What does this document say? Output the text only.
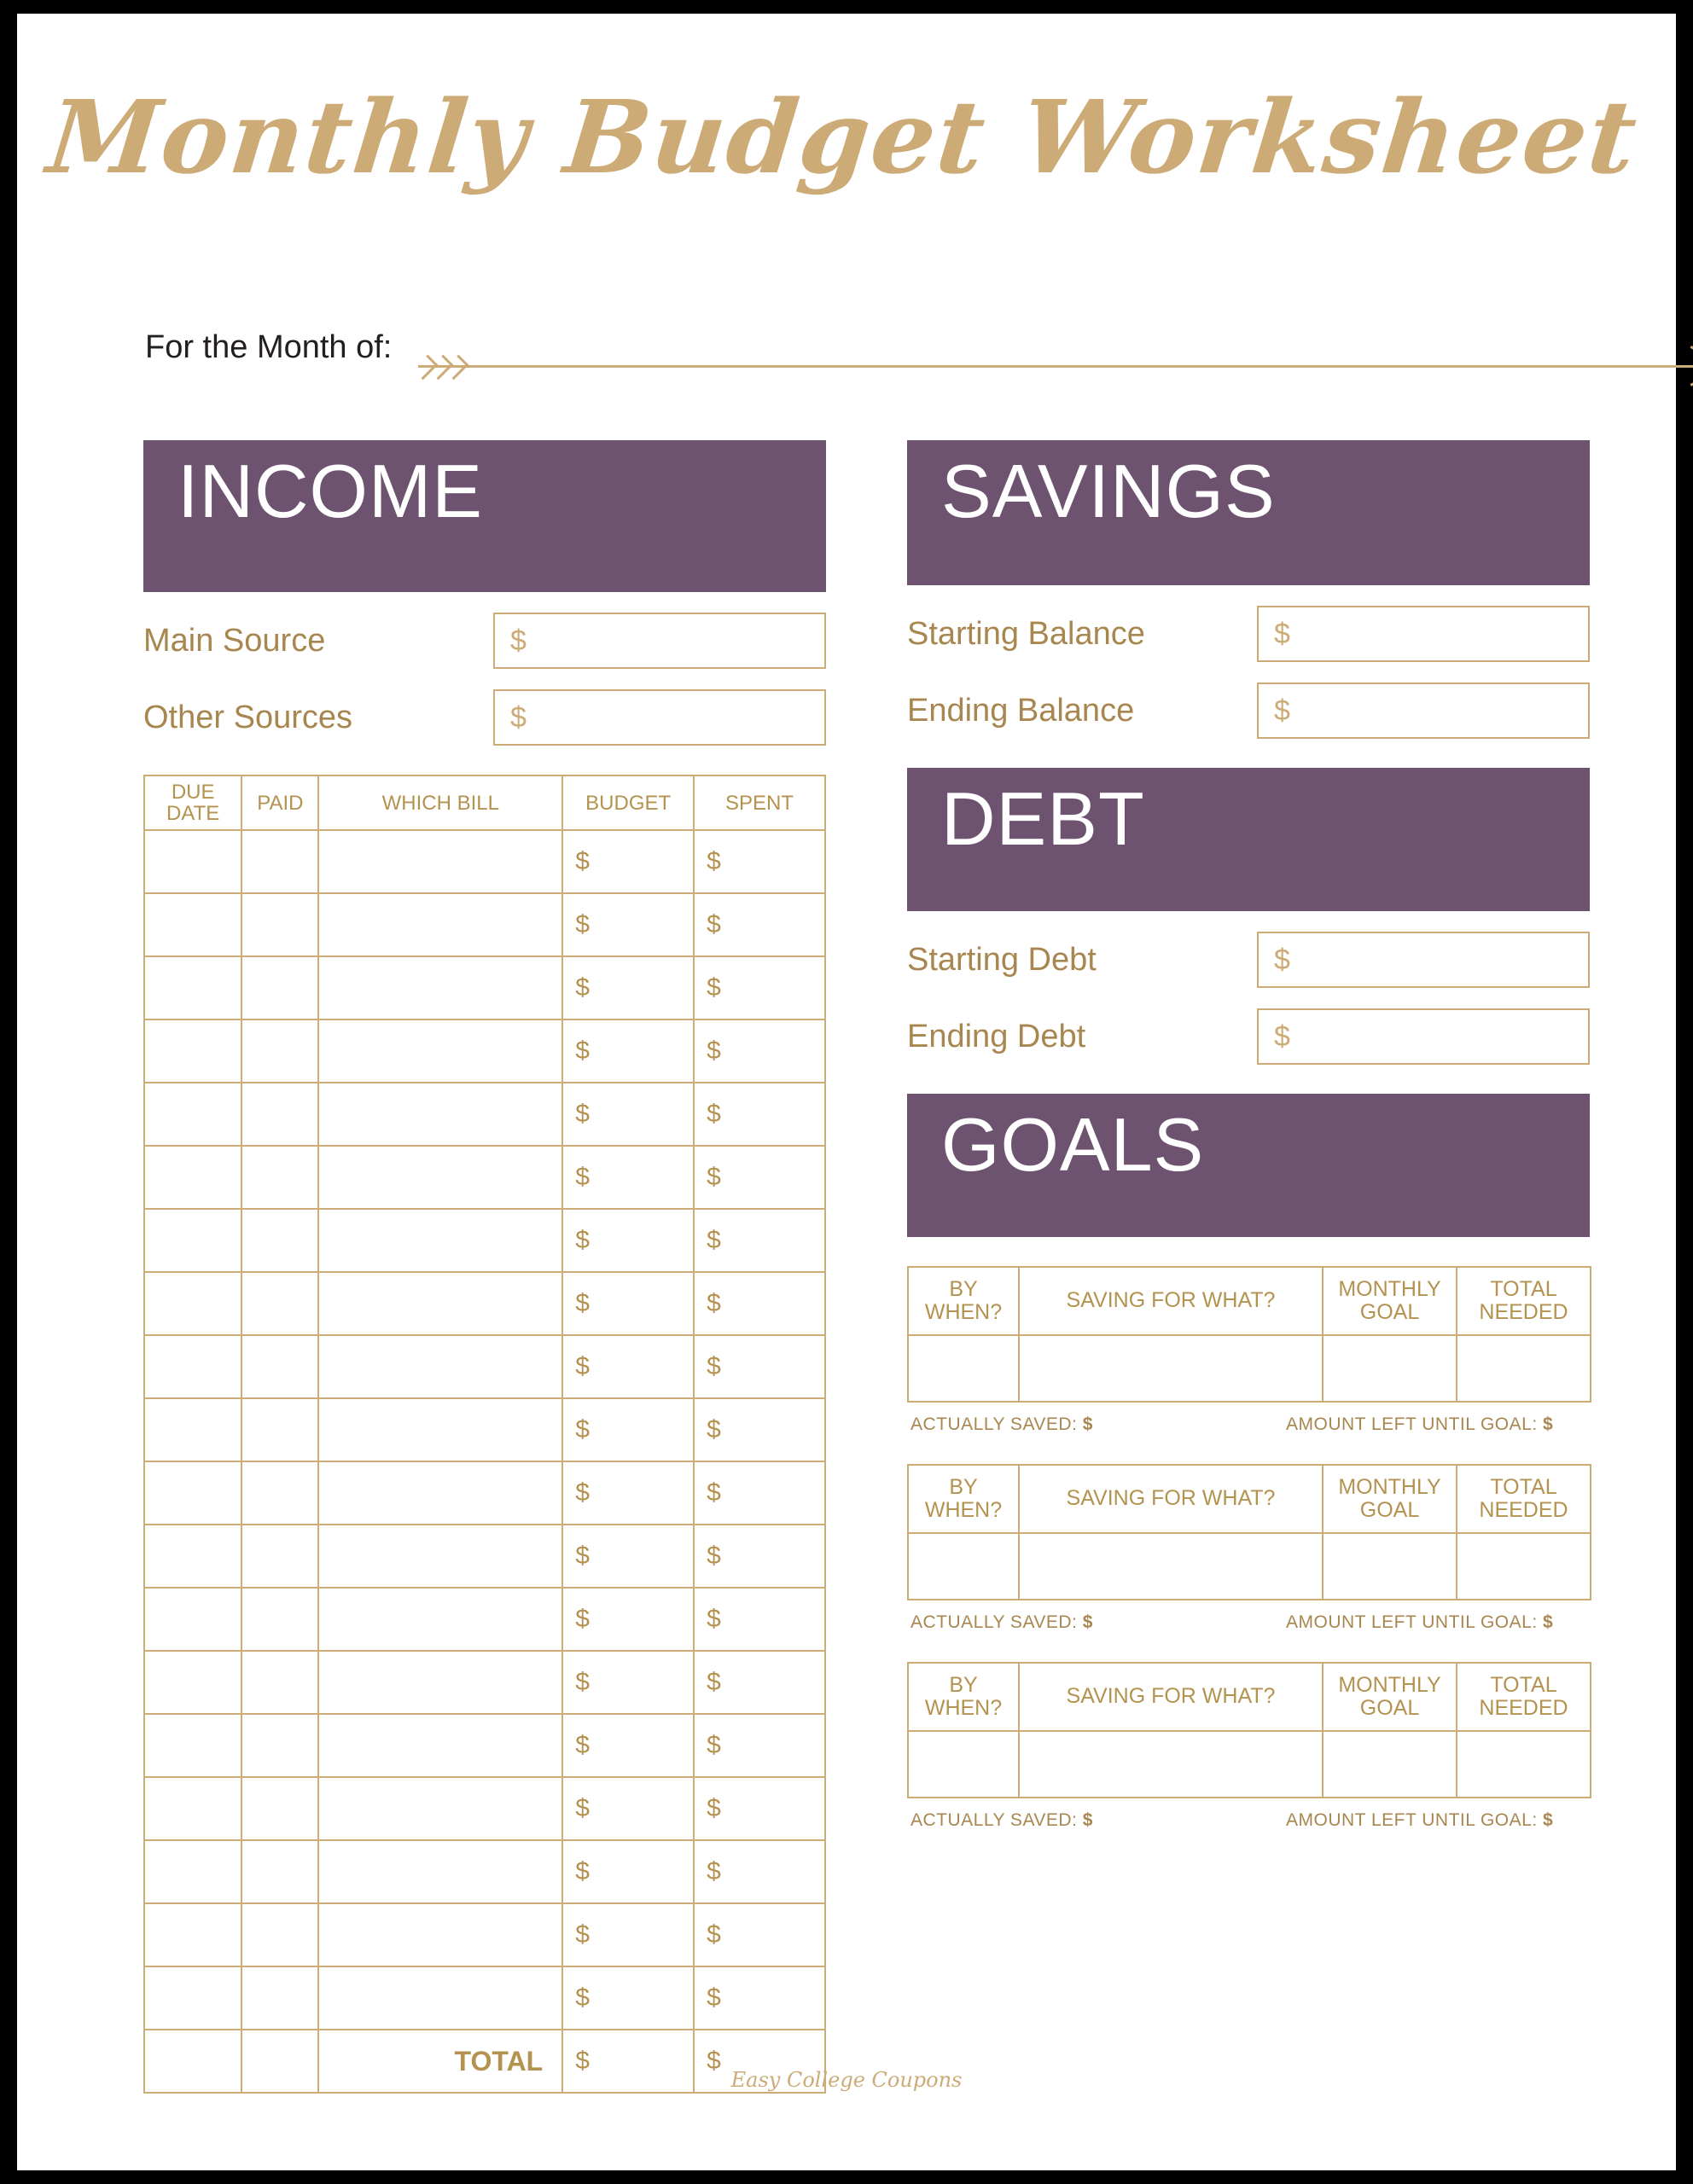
Monthly Budget Worksheet
For the Month of:
INCOME
Main Source	$
Other Sources	$
DUE
DATE	PAID	WHICH BILL	BUDGET	SPENT
			$	$
			$	$
			$	$
			$	$
			$	$
			$	$
			$	$
			$	$
			$	$
			$	$
			$	$
			$	$
			$	$
			$	$
			$	$
			$	$
			$	$
			$	$
			$	$
		TOTAL	$	$
SAVINGS
Starting Balance	$
Ending Balance	$
DEBT
Starting Debt	$
Ending Debt	$
GOALS
BY
WHEN?	SAVING FOR WHAT?	MONTHLY
GOAL	TOTAL
NEEDED

ACTUALLY SAVED: $	AMOUNT LEFT UNTIL GOAL: $
BY
WHEN?	SAVING FOR WHAT?	MONTHLY
GOAL	TOTAL
NEEDED

ACTUALLY SAVED: $	AMOUNT LEFT UNTIL GOAL: $
BY
WHEN?	SAVING FOR WHAT?	MONTHLY
GOAL	TOTAL
NEEDED

ACTUALLY SAVED: $	AMOUNT LEFT UNTIL GOAL: $
Easy College Coupons
